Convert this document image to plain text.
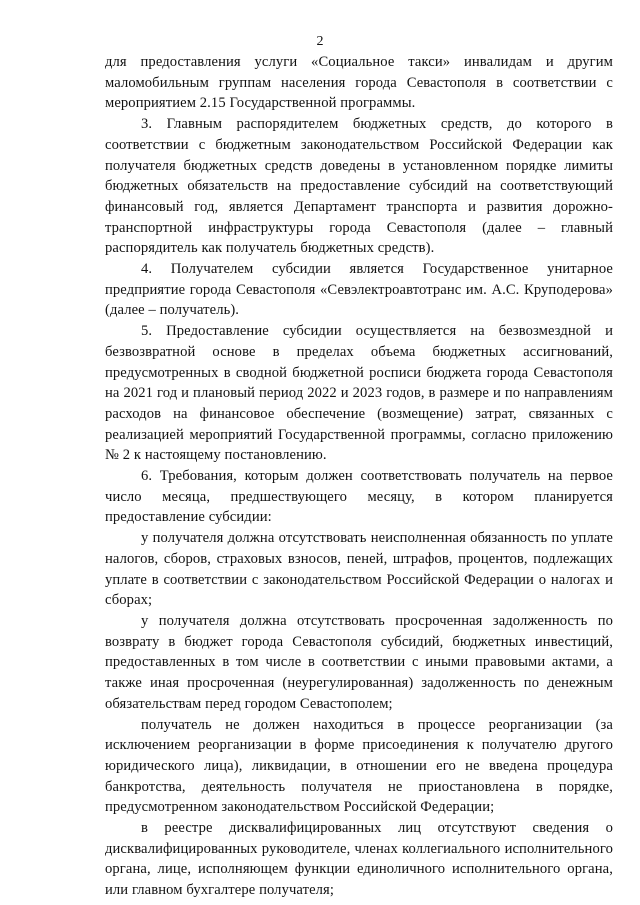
2

для предоставления услуги «Социальное такси» инвалидам и другим маломобильным группам населения города Севастополя в соответствии с мероприятием 2.15 Государственной программы.

3. Главным распорядителем бюджетных средств, до которого в соответствии с бюджетным законодательством Российской Федерации как получателя бюджетных средств доведены в установленном порядке лимиты бюджетных обязательств на предоставление субсидий на соответствующий финансовый год, является Департамент транспорта и развития дорожно-транспортной инфраструктуры города Севастополя (далее – главный распорядитель как получатель бюджетных средств).

4. Получателем субсидии является Государственное унитарное предприятие города Севастополя «Севэлектроавтотранс им. А.С. Круподерова» (далее – получатель).

5. Предоставление субсидии осуществляется на безвозмездной и безвозвратной основе в пределах объема бюджетных ассигнований, предусмотренных в сводной бюджетной росписи бюджета города Севастополя на 2021 год и плановый период 2022 и 2023 годов, в размере и по направлениям расходов на финансовое обеспечение (возмещение) затрат, связанных с реализацией мероприятий Государственной программы, согласно приложению № 2 к настоящему постановлению.

6. Требования, которым должен соответствовать получатель на первое число месяца, предшествующего месяцу, в котором планируется предоставление субсидии:

у получателя должна отсутствовать неисполненная обязанность по уплате налогов, сборов, страховых взносов, пеней, штрафов, процентов, подлежащих уплате в соответствии с законодательством Российской Федерации о налогах и сборах;

у получателя должна отсутствовать просроченная задолженность по возврату в бюджет города Севастополя субсидий, бюджетных инвестиций, предоставленных в том числе в соответствии с иными правовыми актами, а также иная просроченная (неурегулированная) задолженность по денежным обязательствам перед городом Севастополем;

получатель не должен находиться в процессе реорганизации (за исключением реорганизации в форме присоединения к получателю другого юридического лица), ликвидации, в отношении его не введена процедура банкротства, деятельность получателя не приостановлена в порядке, предусмотренном законодательством Российской Федерации;

в реестре дисквалифицированных лиц отсутствуют сведения о дисквалифицированных руководителе, членах коллегиального исполнительного органа, лице, исполняющем функции единоличного исполнительного органа, или главном бухгалтере получателя;
